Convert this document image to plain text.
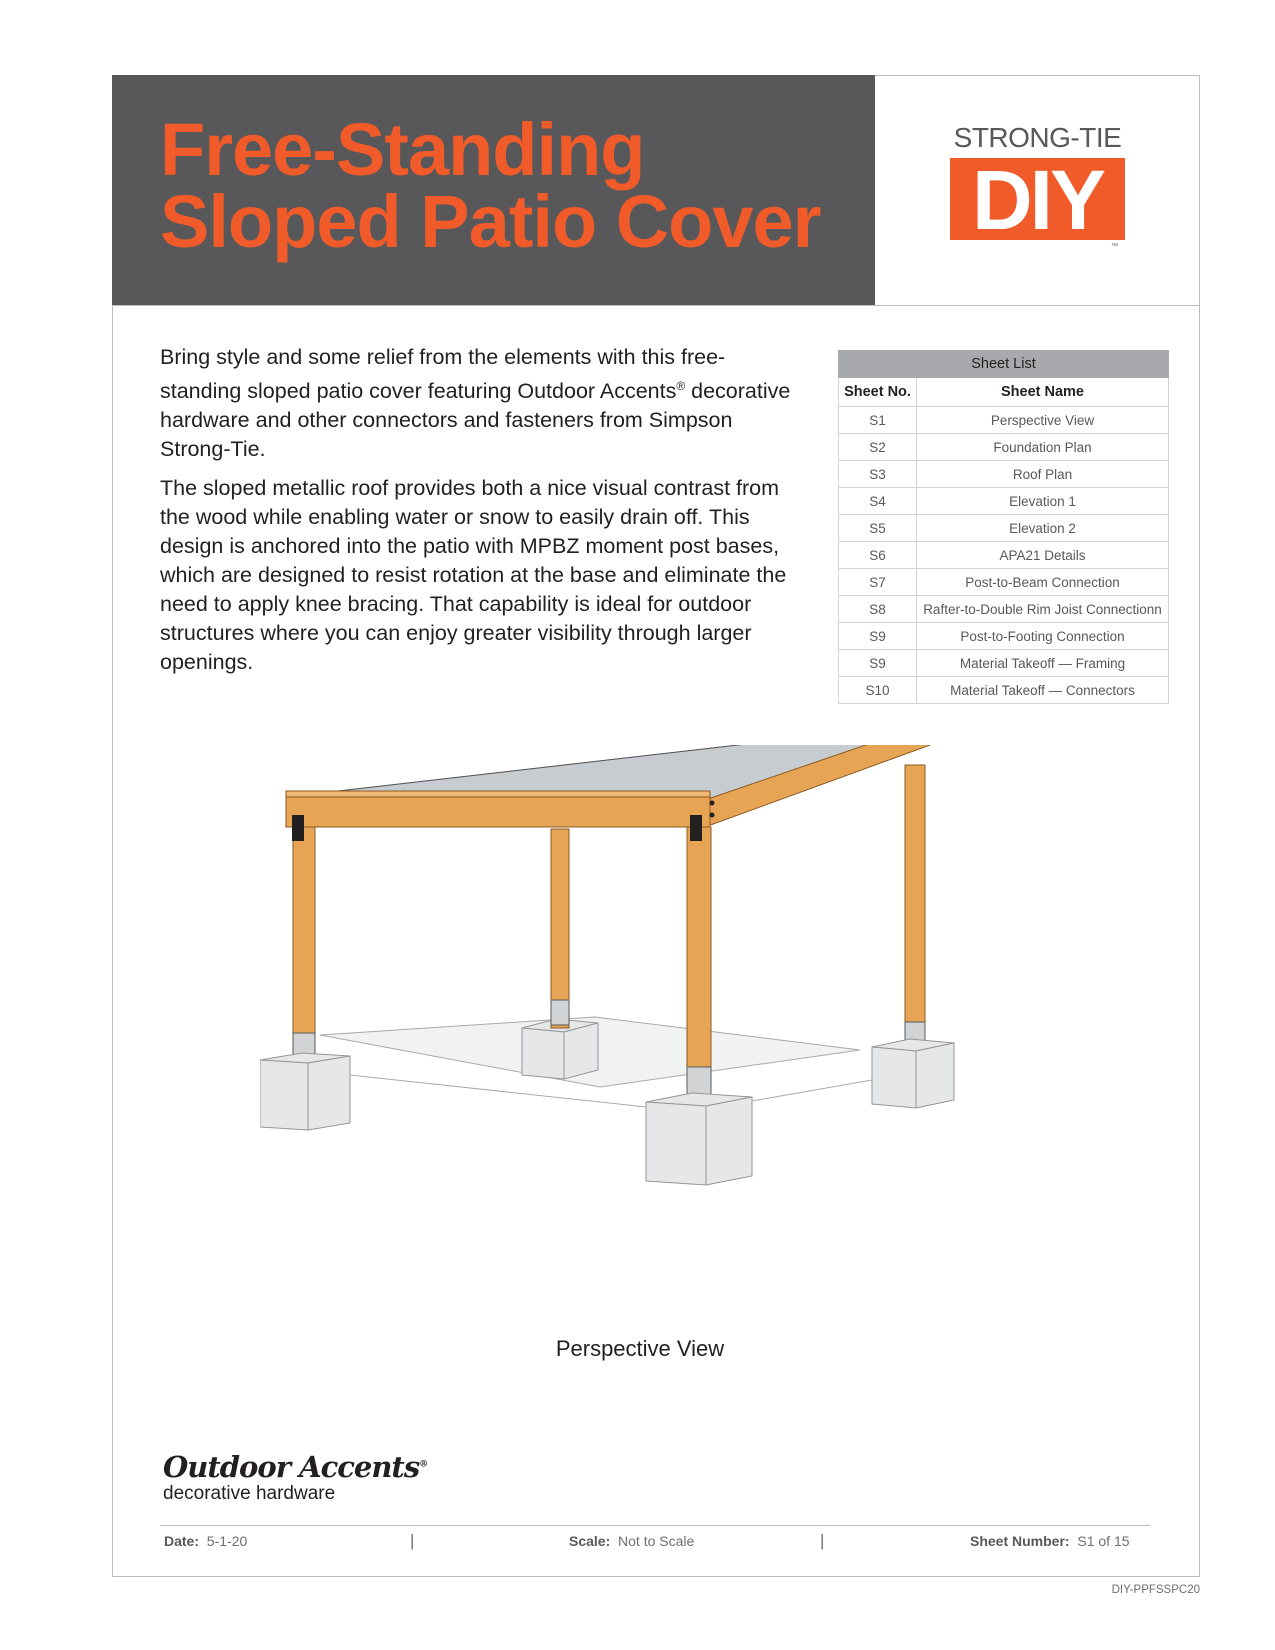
Free-Standing
Sloped Patio Cover
STRONG-TIE
DIY	™

Bring style and some relief from the elements with this free-standing sloped patio cover featuring Outdoor Accents® decorative hardware and other connectors and fasteners from Simpson Strong-Tie.

The sloped metallic roof provides both a nice visual contrast from the wood while enabling water or snow to easily drain off. This design is anchored into the patio with MPBZ moment post bases, which are designed to resist rotation at the base and eliminate the need to apply knee bracing. That capability is ideal for outdoor structures where you can enjoy greater visibility through larger openings.

Sheet List	
Sheet No.	Sheet Name
S1	Perspective View
S2	Foundation Plan
S3	Roof Plan
S4	Elevation 1
S5	Elevation 2
S6	APA21 Details
S7	Post-to-Beam Connection
S8	Rafter-to-Double Rim Joist Connectionn
S9	Post-to-Footing Connection
S9	Material Takeoff — Framing
S10	Material Takeoff — Connectors
Perspective View
Outdoor Accents®
decorative hardware
Date: 5-1-20	|	Scale: Not to Scale	|	Sheet Number: S1 of 15
DIY-PPFSSPC20
